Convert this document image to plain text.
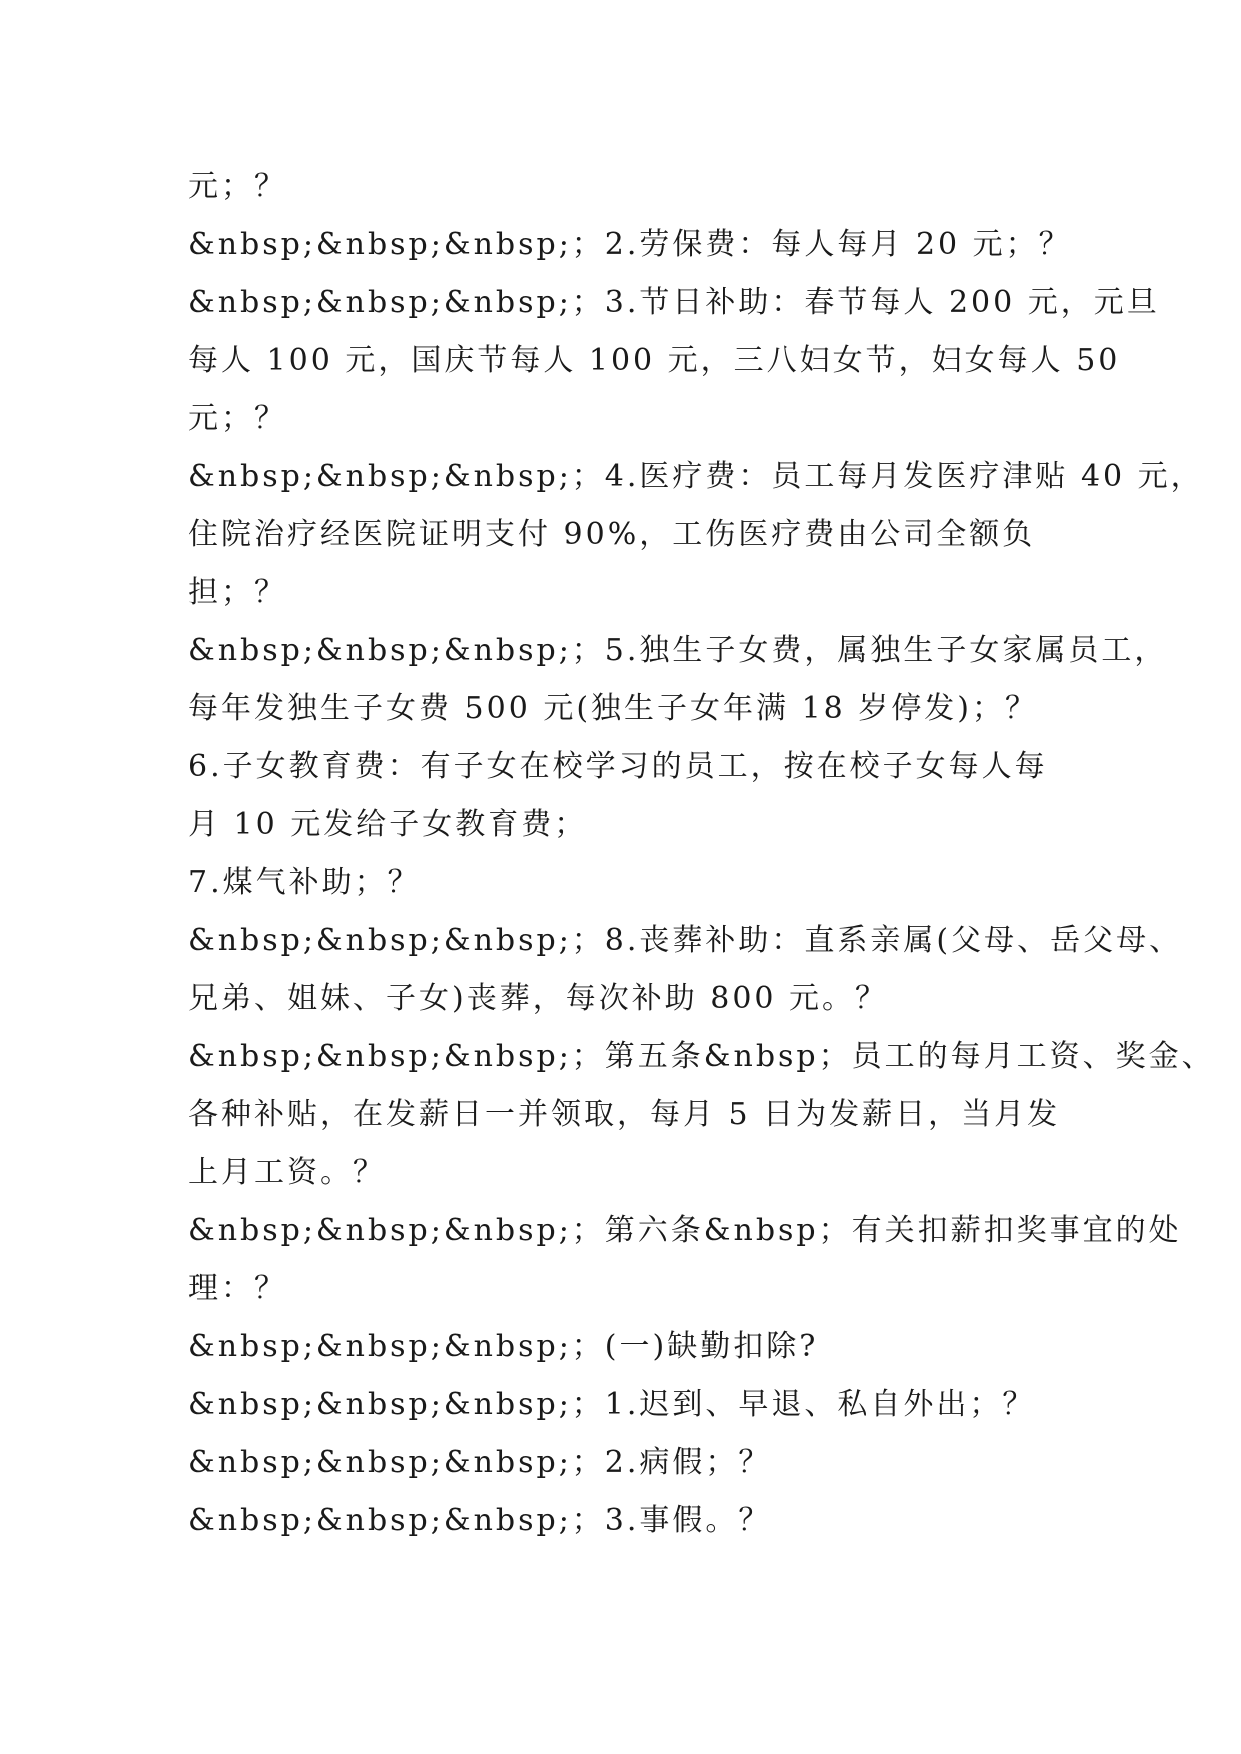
元；？
&nbsp;&nbsp;&nbsp;；2.劳保费：每人每月 20 元；？
&nbsp;&nbsp;&nbsp;；3.节日补助：春节每人 200 元，元旦
每人 100 元，国庆节每人 100 元，三八妇女节，妇女每人 50
元；？
&nbsp;&nbsp;&nbsp;；4.医疗费：员工每月发医疗津贴 40 元，
住院治疗经医院证明支付 90%，工伤医疗费由公司全额负
担；？
&nbsp;&nbsp;&nbsp;；5.独生子女费，属独生子女家属员工，
每年发独生子女费 500 元(独生子女年满 18 岁停发)；？
6.子女教育费：有子女在校学习的员工，按在校子女每人每
月 10 元发给子女教育费；
7.煤气补助；？
&nbsp;&nbsp;&nbsp;；8.丧葬补助：直系亲属(父母、岳父母、
兄弟、姐妹、子女)丧葬，每次补助 800 元。？
&nbsp;&nbsp;&nbsp;；第五条&nbsp；员工的每月工资、奖金、
各种补贴，在发薪日一并领取，每月 5 日为发薪日，当月发
上月工资。？
&nbsp;&nbsp;&nbsp;；第六条&nbsp；有关扣薪扣奖事宜的处
理：？
&nbsp;&nbsp;&nbsp;；(一)缺勤扣除?
&nbsp;&nbsp;&nbsp;；1.迟到、早退、私自外出；？
&nbsp;&nbsp;&nbsp;；2.病假；？
&nbsp;&nbsp;&nbsp;；3.事假。？
